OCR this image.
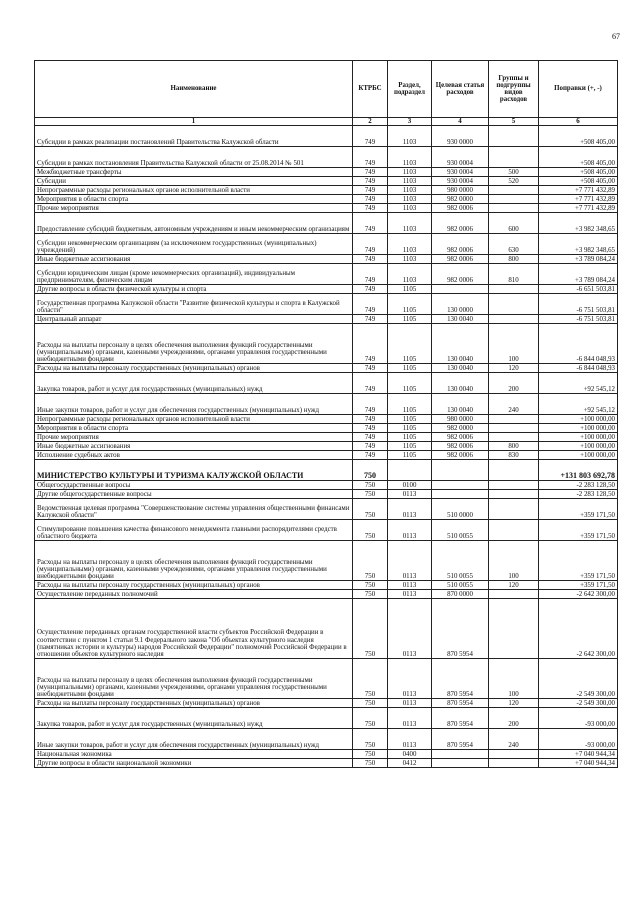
67
Наименование	КТРБС	Раздел, подраздел	Целевая статья расходов	Группы и подгруппы видов расходов	Поправки (+, -)
1	2	3	4	5	6
Субсидии в рамках реализации постановлений Правительства Калужской области	749	1103	930 0000		+508 405,00
Субсидии в рамках постановления Правительства Калужской области от 25.08.2014 № 501	749	1103	930 0004		+508 405,00
Межбюджетные трансферты	749	1103	930 0004	500	+508 405,00
Субсидии	749	1103	930 0004	520	+508 405,00
Непрограммные расходы региональных органов исполнительной власти	749	1103	980 0000		+7 771 432,89
Мероприятия в области спорта	749	1103	982 0000		+7 771 432,89
Прочие мероприятия	749	1103	982 0006		+7 771 432,89
Предоставление субсидий бюджетным, автономным учреждениям и иным некоммерческим организациям	749	1103	982 0006	600	+3 982 348,65
Субсидии некоммерческим организациям (за исключением государственных (муниципальных) учреждений)	749	1103	982 0006	630	+3 982 348,65
Иные бюджетные ассигнования	749	1103	982 0006	800	+3 789 084,24
Субсидии юридическим лицам (кроме некоммерческих организаций), индивидуальным предпринимателям, физическим лицам	749	1103	982 0006	810	+3 789 084,24
Другие вопросы в области физической культуры и спорта	749	1105			-6 651 503,81
Государственная программа Калужской области "Развитие физической культуры и спорта в Калужской области"	749	1105	130 0000		-6 751 503,81
Центральный аппарат	749	1105	130 0040		-6 751 503,81
Расходы на выплаты персоналу в целях обеспечения выполнения функций государственными (муниципальными) органами, казенными учреждениями, органами управления государственными внебюджетными фондами	749	1105	130 0040	100	-6 844 048,93
Расходы на выплаты персоналу государственных (муниципальных) органов	749	1105	130 0040	120	-6 844 048,93
Закупка товаров, работ и услуг для государственных (муниципальных) нужд	749	1105	130 0040	200	+92 545,12
Иные закупки товаров, работ и услуг для обеспечения государственных (муниципальных) нужд	749	1105	130 0040	240	+92 545,12
Непрограммные расходы региональных органов исполнительной власти	749	1105	980 0000		+100 000,00
Мероприятия в области спорта	749	1105	982 0000		+100 000,00
Прочие мероприятия	749	1105	982 0006		+100 000,00
Иные бюджетные ассигнования	749	1105	982 0006	800	+100 000,00
Исполнение судебных актов	749	1105	982 0006	830	+100 000,00
МИНИСТЕРСТВО КУЛЬТУРЫ И ТУРИЗМА КАЛУЖСКОЙ ОБЛАСТИ	750				+131 803 692,78
Общегосударственные вопросы	750	0100			-2 283 128,50
Другие общегосударственные вопросы	750	0113			-2 283 128,50
Ведомственная целевая программа "Совершенствование системы управления общественными финансами Калужской области"	750	0113	510 0000		+359 171,50
Стимулирование повышения качества финансового менеджмента главными распорядителями средств областного бюджета	750	0113	510 0055		+359 171,50
Расходы на выплаты персоналу в целях обеспечения выполнения функций государственными (муниципальными) органами, казенными учреждениями, органами управления государственными внебюджетными фондами	750	0113	510 0055	100	+359 171,50
Расходы на выплаты персоналу государственных (муниципальных) органов	750	0113	510 0055	120	+359 171,50
Осуществление переданных полномочий	750	0113	870 0000		-2 642 300,00
Осуществление переданных органам государственной власти субъектов Российской Федерации в соответствии с пунктом 1 статьи 9.1 Федерального закона "Об объектах культурного наследия (памятниках истории и культуры) народов Российской Федерации" полномочий Российской Федерации в отношении объектов культурного наследия	750	0113	870 5954		-2 642 300,00
Расходы на выплаты персоналу в целях обеспечения выполнения функций государственными (муниципальными) органами, казенными учреждениями, органами управления государственными внебюджетными фондами	750	0113	870 5954	100	-2 549 300,00
Расходы на выплаты персоналу государственных (муниципальных) органов	750	0113	870 5954	120	-2 549 300,00
Закупка товаров, работ и услуг для государственных (муниципальных) нужд	750	0113	870 5954	200	-93 000,00
Иные закупки товаров, работ и услуг для обеспечения государственных (муниципальных) нужд	750	0113	870 5954	240	-93 000,00
Национальная экономика	750	0400			+7 040 944,34
Другие вопросы в области национальной экономики	750	0412			+7 040 944,34
